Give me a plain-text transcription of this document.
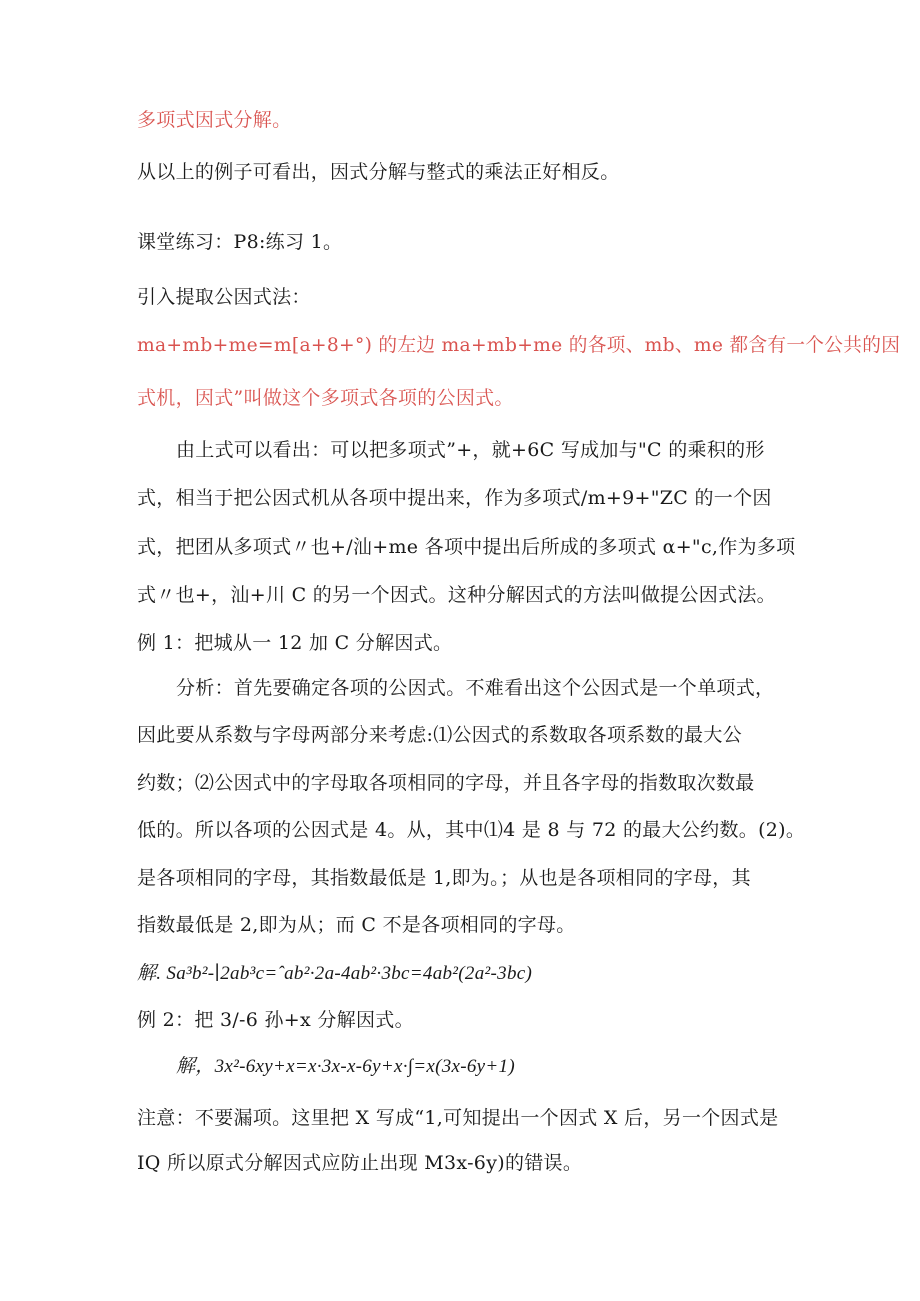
多项式因式分解。
从以上的例子可看出，因式分解与整式的乘法正好相反。
课堂练习：P8:练习 1。
引入提取公因式法：
ma+mb+me=m[a+8+°) 的左边 ma+mb+me 的各项、mb、me 都含有一个公共的因
式机，因式”叫做这个多项式各项的公因式。
由上式可以看出：可以把多项式”+，就+6C 写成加与"C 的乘积的形
式，相当于把公因式机从各项中提出来，作为多项式/m+9+"ZC 的一个因
式，把团从多项式〃也+/汕+me 各项中提出后所成的多项式 α+"c,作为多项
式〃也+，汕+川 C 的另一个因式。这种分解因式的方法叫做提公因式法。
例 1：把城从一 12 加 C 分解因式。
分析：首先要确定各项的公因式。不难看出这个公因式是一个单项式，
因此要从系数与字母两部分来考虑:⑴公因式的系数取各项系数的最大公
约数；⑵公因式中的字母取各项相同的字母，并且各字母的指数取次数最
低的。所以各项的公因式是 4。从，其中⑴4 是 8 与 72 的最大公约数。(2)。
是各项相同的字母，其指数最低是 1,即为。；从也是各项相同的字母，其
指数最低是 2,即为从；而 C 不是各项相同的字母。
解. Sa³b²-∣2ab³c=ˆab²·2a-4ab²·3bc=4ab²(2a²-3bc)
例 2：把 3/-6 孙+x 分解因式。
解，3x²-6xy+x=x·3x-x-6y+x·∫=x(3x-6y+1)
注意：不要漏项。这里把 X 写成“1,可知提出一个因式 X 后，另一个因式是
IQ 所以原式分解因式应防止出现 M3x-6y)的错误。
